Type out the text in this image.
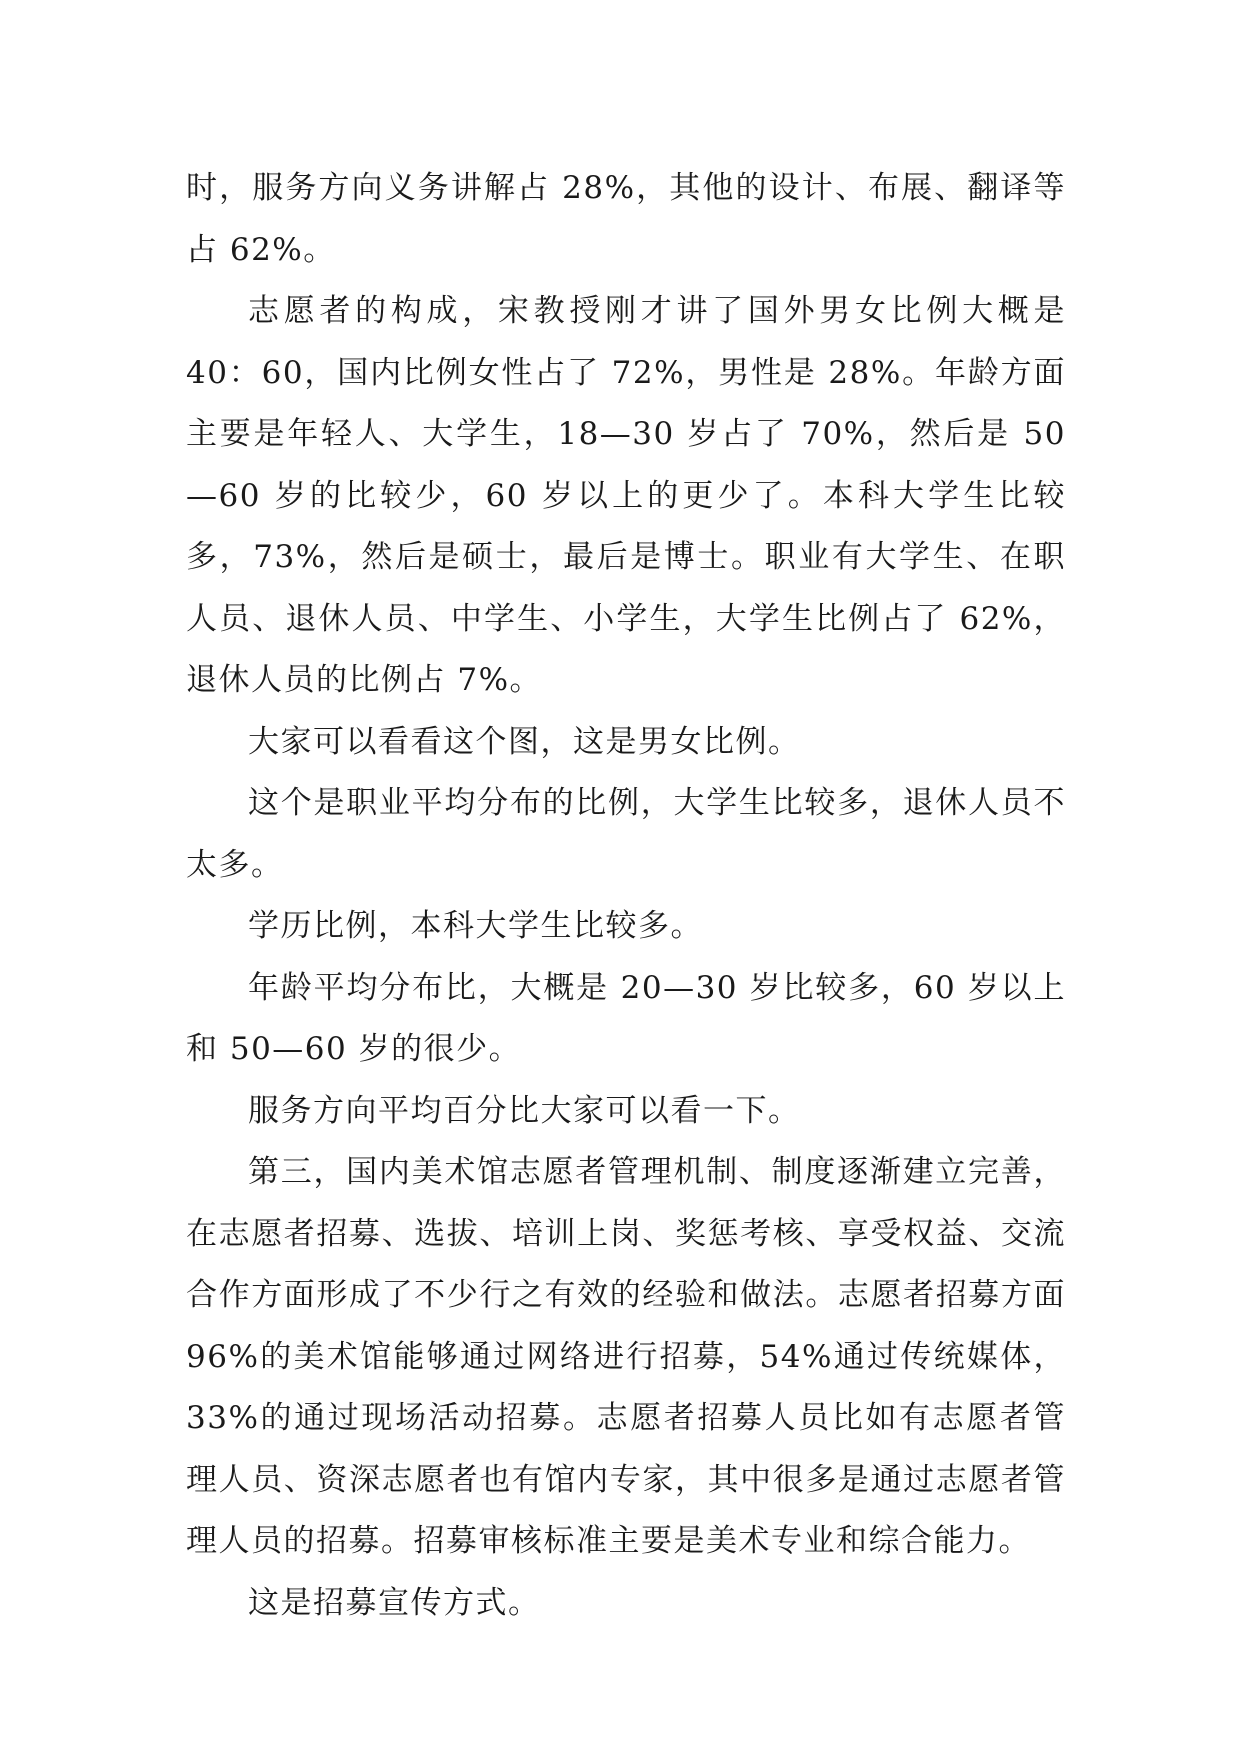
时，服务方向义务讲解占 28%，其他的设计、布展、翻译等占 62%。

志愿者的构成，宋教授刚才讲了国外男女比例大概是 40：60，国内比例女性占了 72%，男性是 28%。年龄方面主要是年轻人、大学生，18—30 岁占了 70%，然后是 50—60 岁的比较少，60 岁以上的更少了。本科大学生比较多，73%，然后是硕士，最后是博士。职业有大学生、在职人员、退休人员、中学生、小学生，大学生比例占了 62%，退休人员的比例占 7%。

大家可以看看这个图，这是男女比例。

这个是职业平均分布的比例，大学生比较多，退休人员不太多。

学历比例，本科大学生比较多。

年龄平均分布比，大概是 20—30 岁比较多，60 岁以上和 50—60 岁的很少。

服务方向平均百分比大家可以看一下。

第三，国内美术馆志愿者管理机制、制度逐渐建立完善，在志愿者招募、选拔、培训上岗、奖惩考核、享受权益、交流合作方面形成了不少行之有效的经验和做法。志愿者招募方面 96%的美术馆能够通过网络进行招募，54%通过传统媒体，33%的通过现场活动招募。志愿者招募人员比如有志愿者管理人员、资深志愿者也有馆内专家，其中很多是通过志愿者管理人员的招募。招募审核标准主要是美术专业和综合能力。

这是招募宣传方式。
